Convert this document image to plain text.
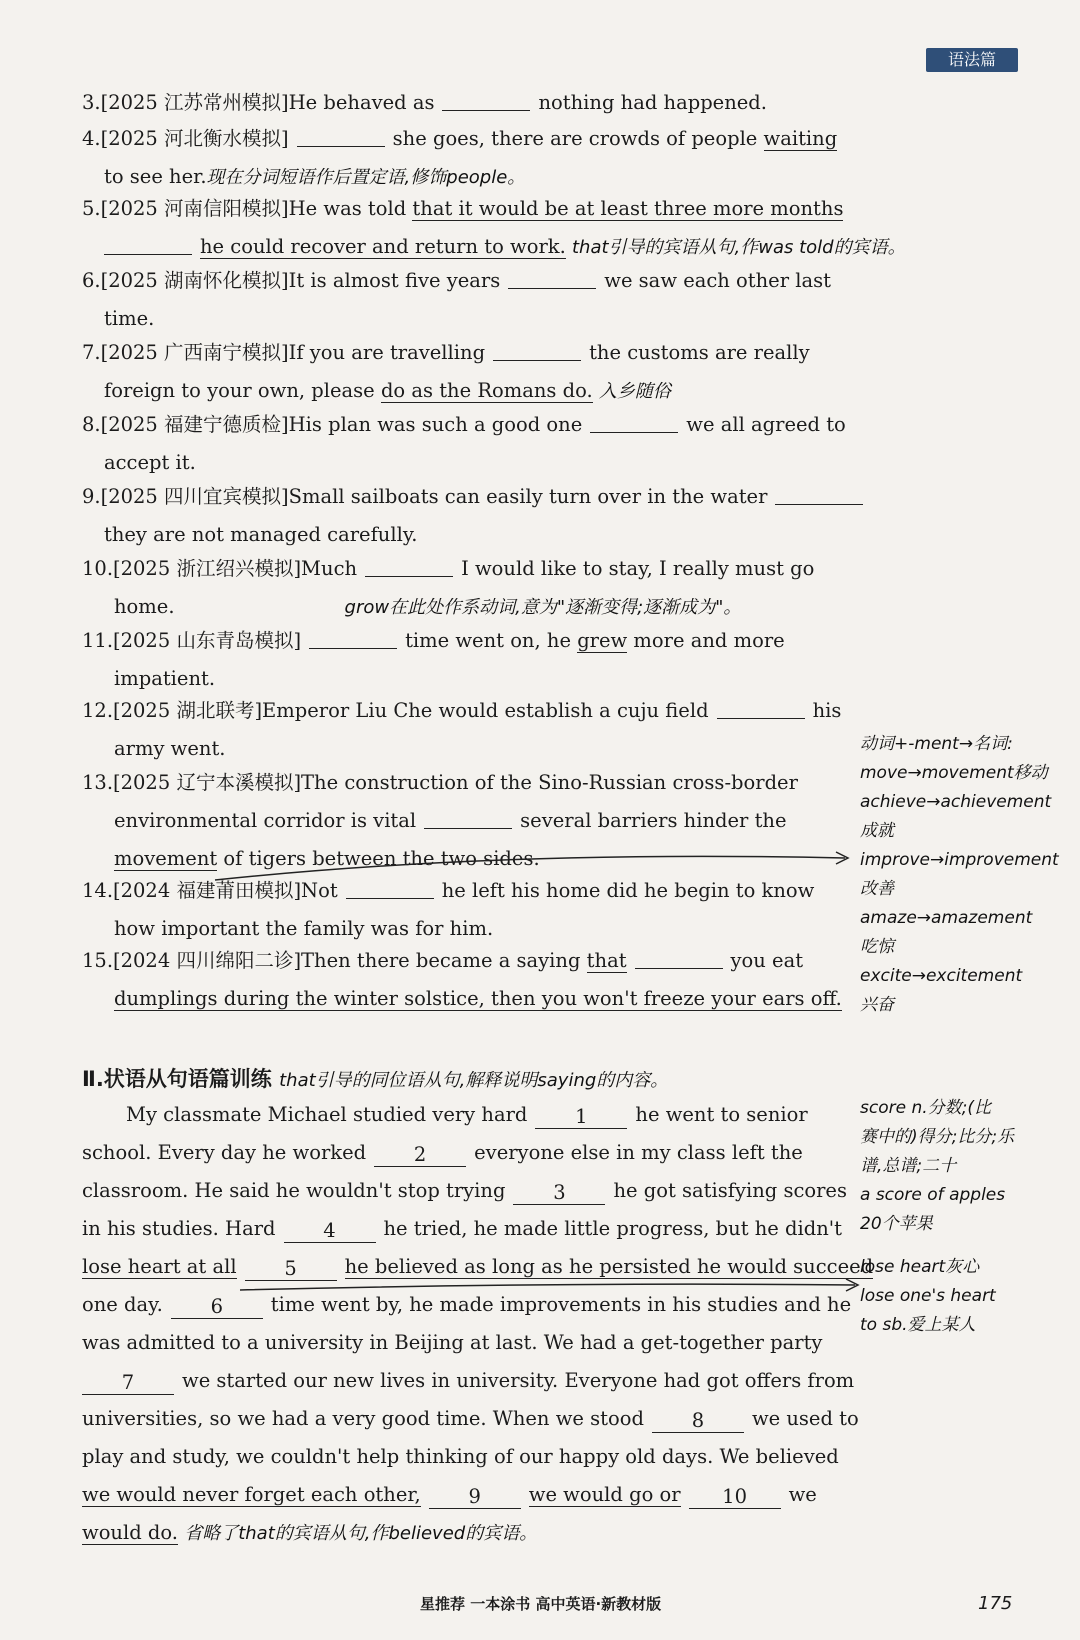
语法篇
3.[2025 江苏常州模拟]He behaved as	nothing had happened.
4.[2025 河北衡水模拟]	she goes, there are crowds of people waiting
to see her.现在分词短语作后置定语,修饰people。
5.[2025 河南信阳模拟]He was told that it would be at least three more months
he could recover and return to work. that引导的宾语从句,作was told的宾语。
6.[2025 湖南怀化模拟]It is almost five years	we saw each other last
time.
7.[2025 广西南宁模拟]If you are travelling	the customs are really
foreign to your own, please do as the Romans do. 入乡随俗
8.[2025 福建宁德质检]His plan was such a good one	we all agreed to
accept it.
9.[2025 四川宜宾模拟]Small sailboats can easily turn over in the water
they are not managed carefully.
10.[2025 浙江绍兴模拟]Much	I would like to stay, I really must go
home.	grow在此处作系动词,意为"逐渐变得;逐渐成为"。
11.[2025 山东青岛模拟]	time went on, he grew more and more
impatient.
12.[2025 湖北联考]Emperor Liu Che would establish a cuju field	his
army went.
13.[2025 辽宁本溪模拟]The construction of the Sino-Russian cross-border
environmental corridor is vital	several barriers hinder the
movement of tigers between the two sides.
14.[2024 福建莆田模拟]Not	he left his home did he begin to know
how important the family was for him.
15.[2024 四川绵阳二诊]Then there became a saying that	you eat
dumplings during the winter solstice, then you won't freeze your ears off.
动词+-ment→名词:
move→movement移动
achieve→achievement
成就
improve→improvement
改善
amaze→amazement
吃惊
excite→excitement
兴奋
Ⅱ.状语从句语篇训练 that引导的同位语从句,解释说明saying的内容。
My classmate Michael studied very hard 1 he went to senior
school. Every day he worked 2 everyone else in my class left the
classroom. He said he wouldn't stop trying 3 he got satisfying scores
in his studies. Hard 4 he tried, he made little progress, but he didn't
lose heart at all 5 he believed as long as he persisted he would succeed
one day. 6 time went by, he made improvements in his studies and he
was admitted to a university in Beijing at last. We had a get-together party
7 we started our new lives in university. Everyone had got offers from
universities, so we had a very good time. When we stood 8 we used to
play and study, we couldn't help thinking of our happy old days. We believed
we would never forget each other, 9 we would go or 10 we
would do. 省略了that的宾语从句,作believed的宾语。
score n.分数;(比
赛中的)得分;比分;乐
谱,总谱;二十
a score of apples
20个苹果
lose heart灰心
lose one's heart
to sb.爱上某人
星推荐 一本涂书 高中英语·新教材版	175
